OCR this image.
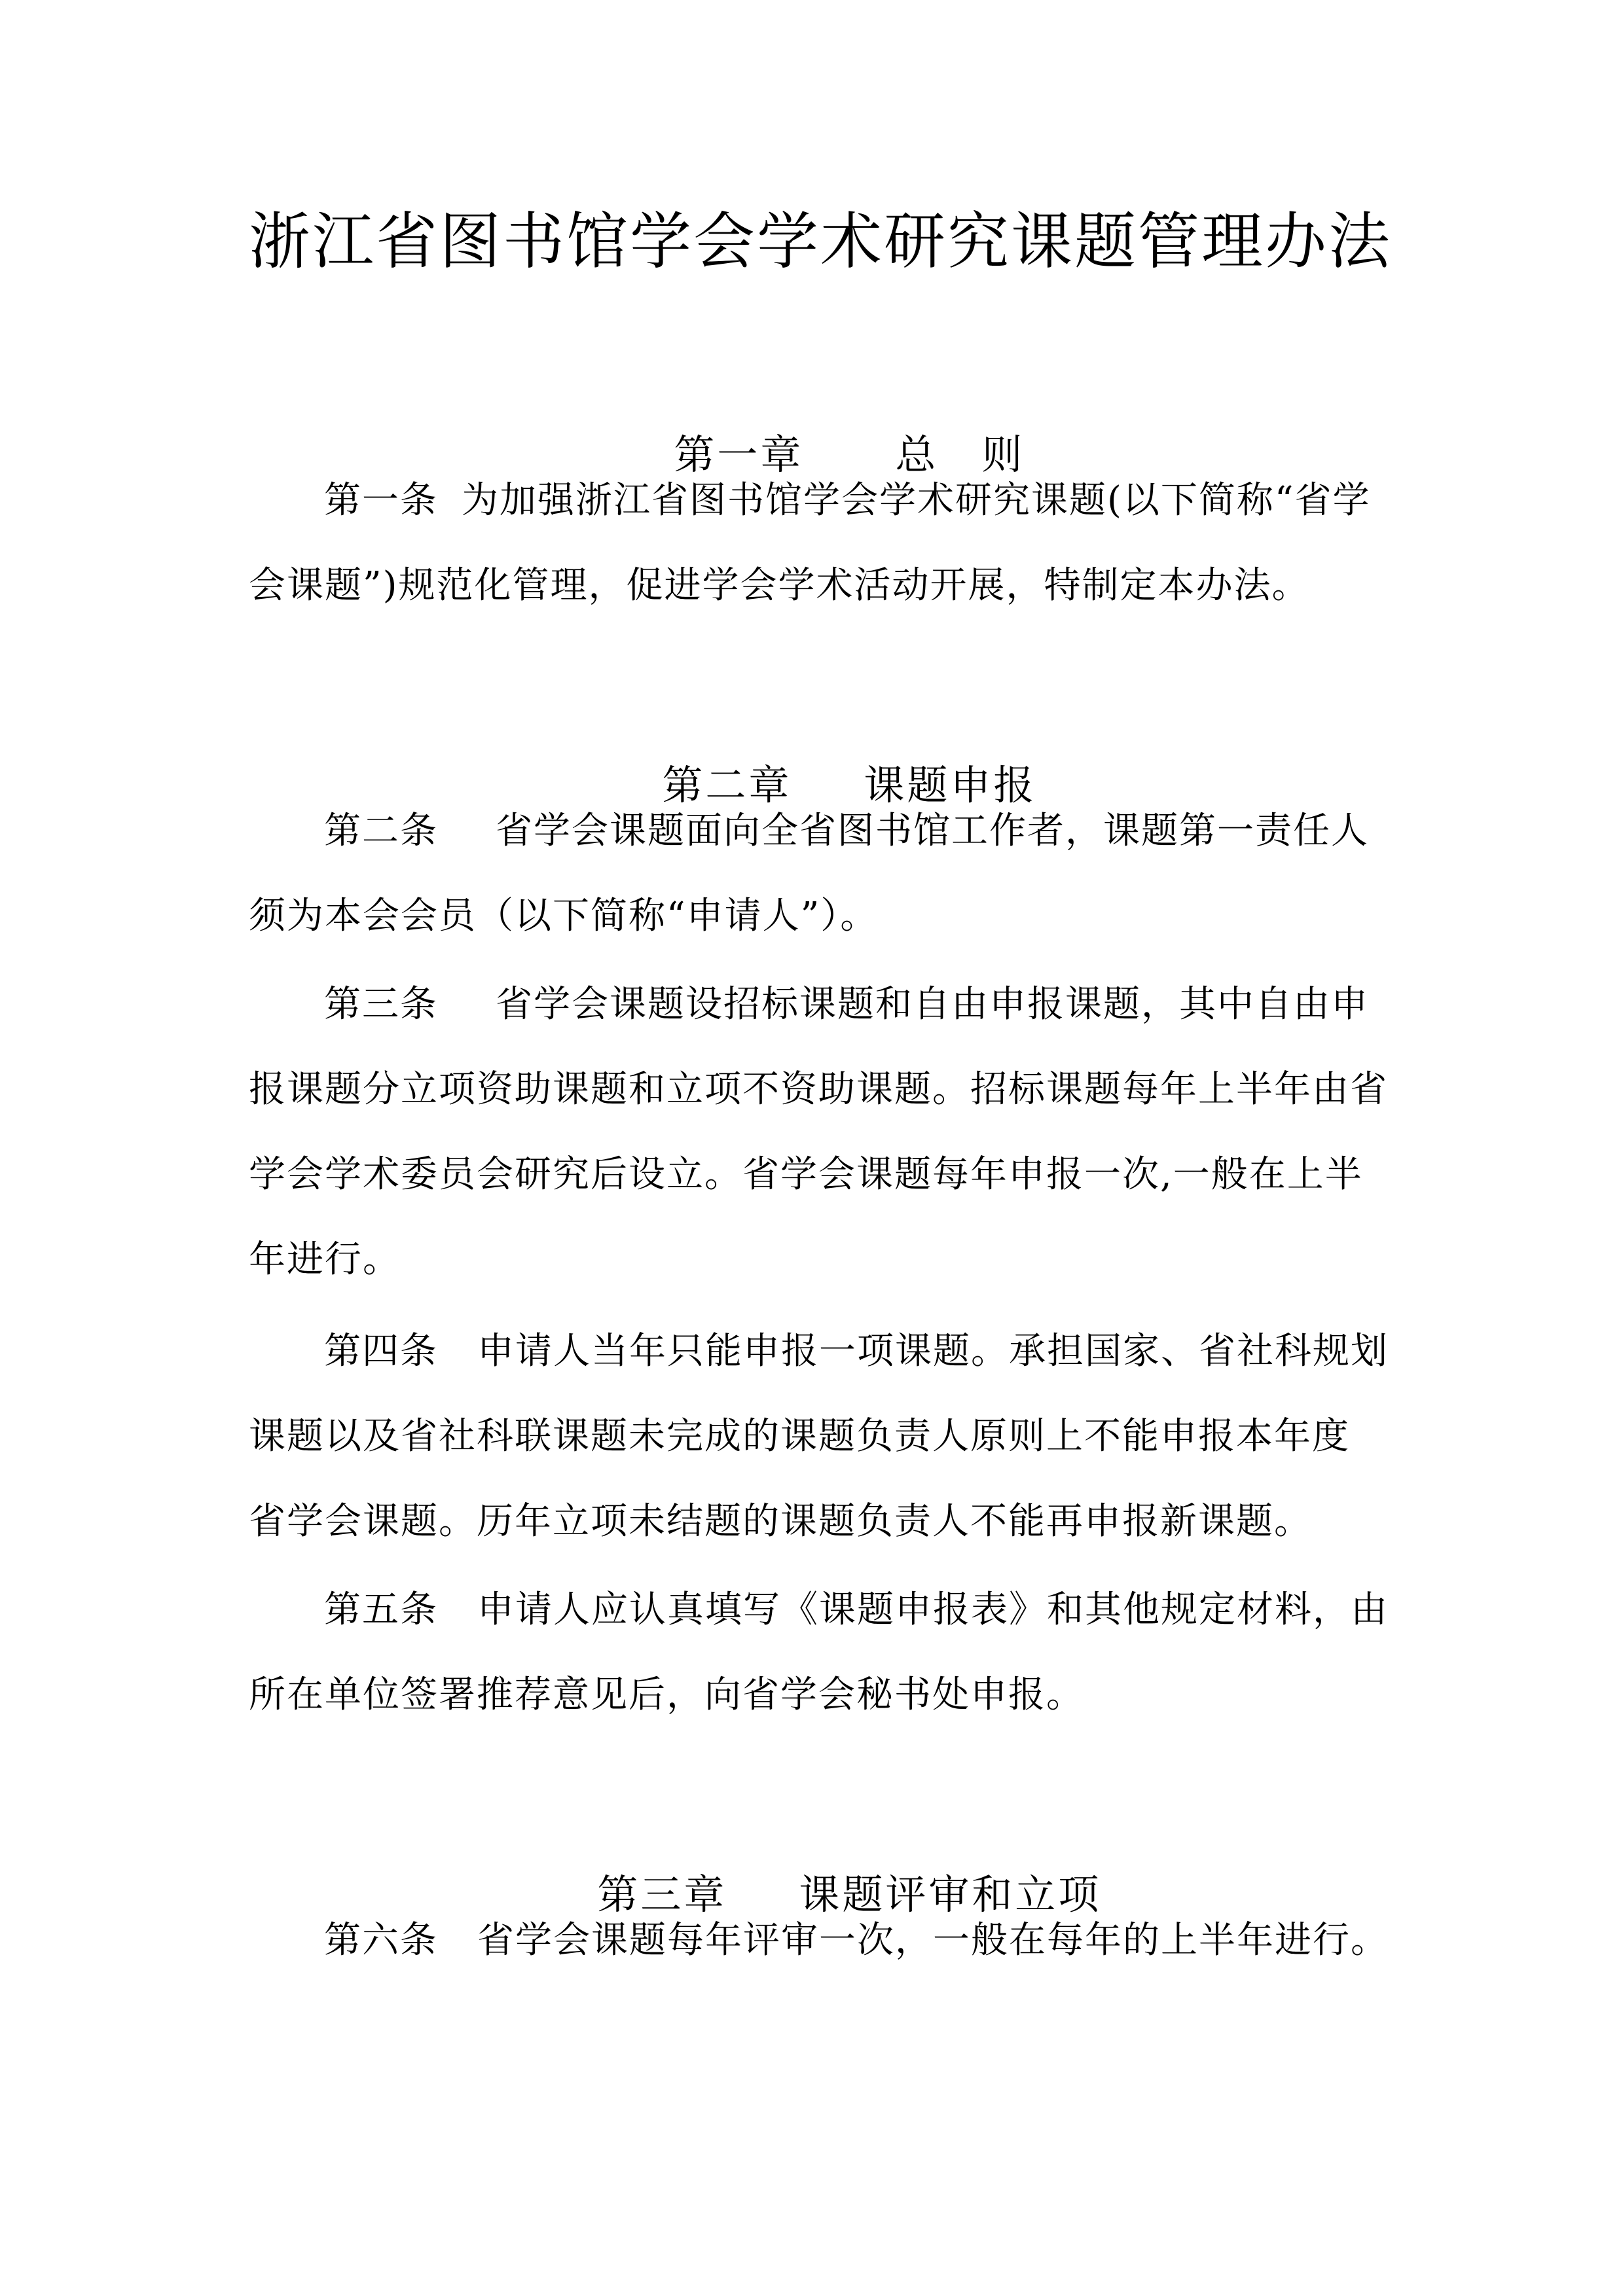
浙江省图书馆学会学术研究课题管理办法

第一章 总　则

第一条 为加强浙江省图书馆学会学术研究课题(以下简称“省学
会课题”)规范化管理，促进学会学术活动开展，特制定本办法。

第二章 课题申报

第二条 省学会课题面向全省图书馆工作者，课题第一责任人
须为本会会员（以下简称“申请人”）。
第三条 省学会课题设招标课题和自由申报课题，其中自由申
报课题分立项资助课题和立项不资助课题。招标课题每年上半年由省
学会学术委员会研究后设立。省学会课题每年申报一次,一般在上半
年进行。
第四条 申请人当年只能申报一项课题。承担国家、省社科规划
课题以及省社科联课题未完成的课题负责人原则上不能申报本年度
省学会课题。历年立项未结题的课题负责人不能再申报新课题。
第五条 申请人应认真填写《课题申报表》和其他规定材料，由
所在单位签署推荐意见后，向省学会秘书处申报。

第三章 课题评审和立项

第六条 省学会课题每年评审一次，一般在每年的上半年进行。
